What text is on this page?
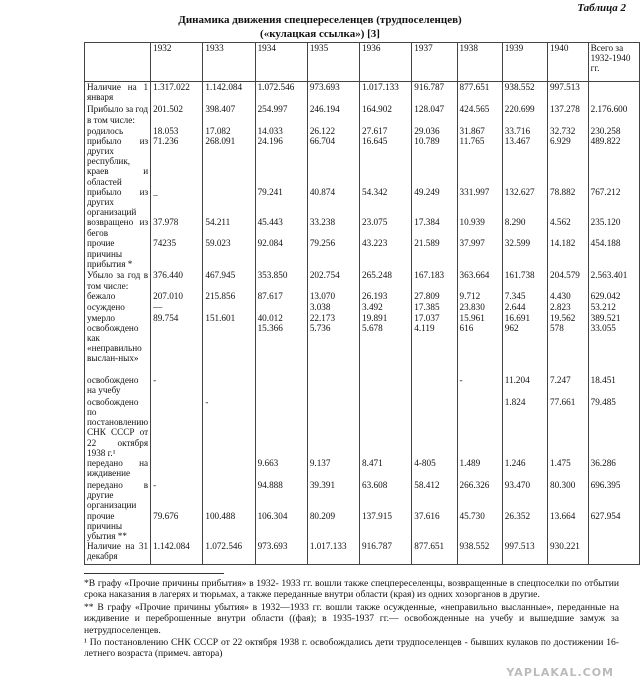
Таблица 2
Динамика движения спецпереселенцев (трудпоселенцев)
(«кулацкая ссылка») [3]
	1932	1933	1934	1935	1936	1937	1938	1939	1940	Всего за 1932-1940 гг.
Наличие на 1 января	1.317.022	1.142.084	1.072.546	973.693	1.017.133	916.787	877.651	938.552	997.513	
Прибыло за год	201.502	398.407	254.997	246.194	164.902	128.047	424.565	220.699	137.278	2.176.600
в том числе:										
родилось	18.053	17.082	14.033	26.122	27.617	29.036	31.867	33.716	32.732	230.258
прибыло из других республик, краев и областей	71.236	268.091	24.196	66.704	16.645	10.789	11.765	13.467	6.929	489.822
прибыло из других организаций	_		79.241	40.874	54.342	49.249	331.997	132.627	78.882	767.212
возвращено из бегов	37.978	54.211	45.443	33.238	23.075	17.384	10.939	8.290	4.562	235.120
прочие причины прибытия *	74235	59.023	92.084	79.256	43.223	21.589	37.997	32.599	14.182	454.188
Убыло за год в том числе:	376.440	467.945	353.850	202.754	265.248	167.183	363.664	161.738	204.579	2.563.401
бежало	207.010	215.856	87.617	13.070	26.193	27.809	9.712	7.345	4.430	629.042
осуждено	—			3.038	3.492	17.385	23.830	2.644	2.823	53.212
умерло	89.754	151.601	40.012	22.173	19.891	17.037	15.961	16.691	19.562	389.521
освобождено как «неправильно выслан-ных»			15.366	5.736	5.678	4.119	616	962	578	33.055
освобождено на учебу	-						-	11.204	7.247	18.451
освобождено по постановлению СНК СССР от 22 октября 1938 г.¹		-						1.824	77.661	79.485
передано на иждивение			9.663	9.137	8.471	4-805	1.489	1.246	1.475	36.286
передано в другие организации	-		94.888	39.391	63.608	58.412	266.326	93.470	80.300	696.395
прочие причины убытия **	79.676	100.488	106.304	80.209	137.915	37.616	45.730	26.352	13.664	627.954
Наличие на 31 декабря	1.142.084	1.072.546	973.693	1.017.133	916.787	877.651	938.552	997.513	930.221	

*В графу «Прочие причины прибытия» в 1932- 1933 гг. вошли также спецпереселенцы, возвращенные в спецпоселки по отбытии срока наказания в лагерях и тюрьмах, а также переданные внутри области (края) из одних хозорганов в другие.

** В графу «Прочие причины убытия» в 1932—1933 гг. вошли также осужденные, «неправильно высланные», переданные на иждивение и переброшенные внутри области ((фая); в 1935-1937 гг.— освобожденные на учебу и вышедшие замуж за нетрудпоселенцев.

¹ По постановлению СНК СССР от 22 октября 1938 г. освобождались дети трудпоселенцев - бывших кулаков по достижении 16-летнего возраста (примеч. автора)

YAPLAKAL.COM
